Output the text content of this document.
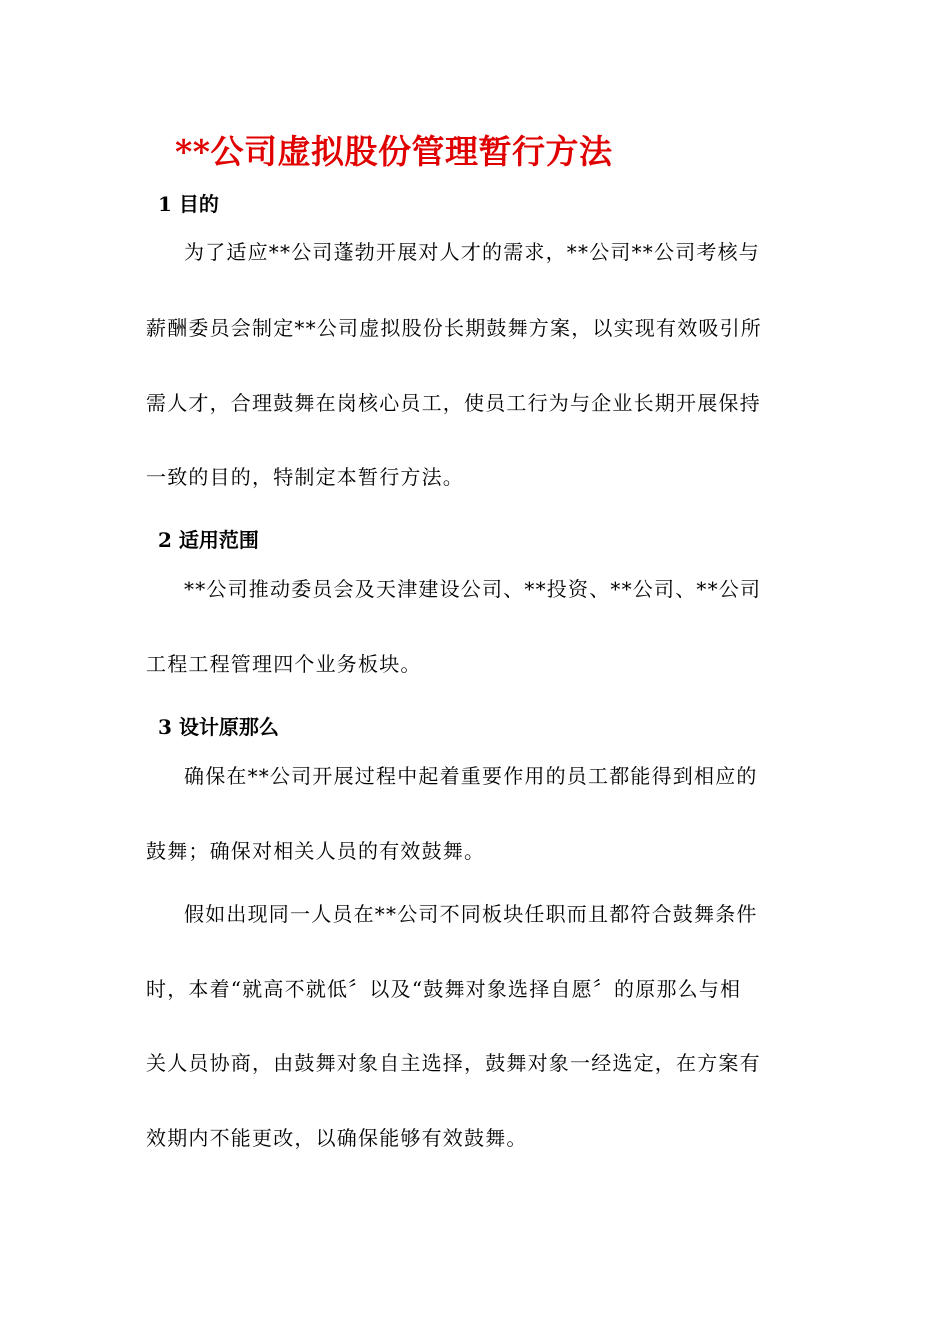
**公司虚拟股份管理暂行方法
1 目的
为了适应**公司蓬勃开展对人才的需求，**公司**公司考核与
薪酬委员会制定**公司虚拟股份长期鼓舞方案，以实现有效吸引所
需人才，合理鼓舞在岗核心员工，使员工行为与企业长期开展保持
一致的目的，特制定本暂行方法。
2 适用范围
**公司推动委员会及天津建设公司、**投资、**公司、**公司
工程工程管理四个业务板块。
3 设计原那么
确保在**公司开展过程中起着重要作用的员工都能得到相应的
鼓舞；确保对相关人员的有效鼓舞。
假如出现同一人员在**公司不同板块任职而且都符合鼓舞条件
时，本着“就高不就低〞以及“鼓舞对象选择自愿〞的原那么与相
关人员协商，由鼓舞对象自主选择，鼓舞对象一经选定，在方案有
效期内不能更改，以确保能够有效鼓舞。
